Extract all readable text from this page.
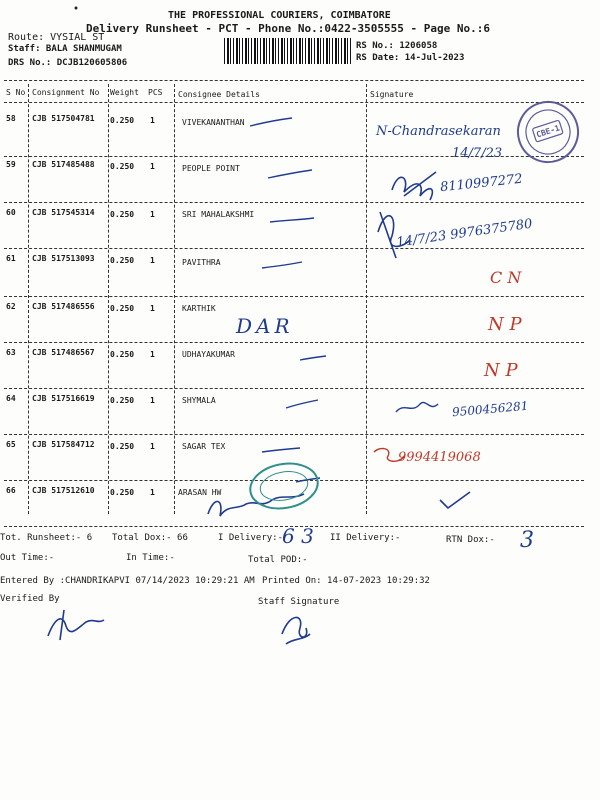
THE PROFESSIONAL COURIERS, COIMBATORE
Delivery Runsheet - PCT - Phone No.:0422-3505555 - Page No.:6
Route: VYSIAL ST
Staff: BALA SHANMUGAM
DRS No.: DCJB120605806
RS No.: 1206058
RS Date: 14-Jul-2023
S No Consignment No Weight PCS Consignee Details	Signature
58 CJB 517504781 0.250 1	VIVEKANANTHAN
N-Chandrasekaran
14/7/23
59 CJB 517485488 0.250 1	PEOPLE POINT
8110997272
60 CJB 517545314 0.250 1	SRI MAHALAKSHMI
14/7/23 9976375780
61 CJB 517513093 0.250 1	PAVITHRA
C N
62 CJB 517486556 0.250 1	KARTHIK
DAR	N P
63 CJB 517486567 0.250 1	UDHAYAKUMAR
N P
64 CJB 517516619 0.250 1	SHYMALA	9500456281
65 CJB 517584712 0.250 1	SAGAR TEX
9994419068
66 CJB 517512610 0.250 1	ARASAN HW
Tot. Runsheet:- 6 Total Dox:- 66	I Delivery:-
6 3 II Delivery:-	RTN Dox:- 3
Out Time:-	In Time:-	Total POD:-
Entered By :CHANDRIKAPVI 07/14/2023 10:29:21 AM Printed On: 14-07-2023 10:29:32
Verified By	Staff Signature
CBE-1
